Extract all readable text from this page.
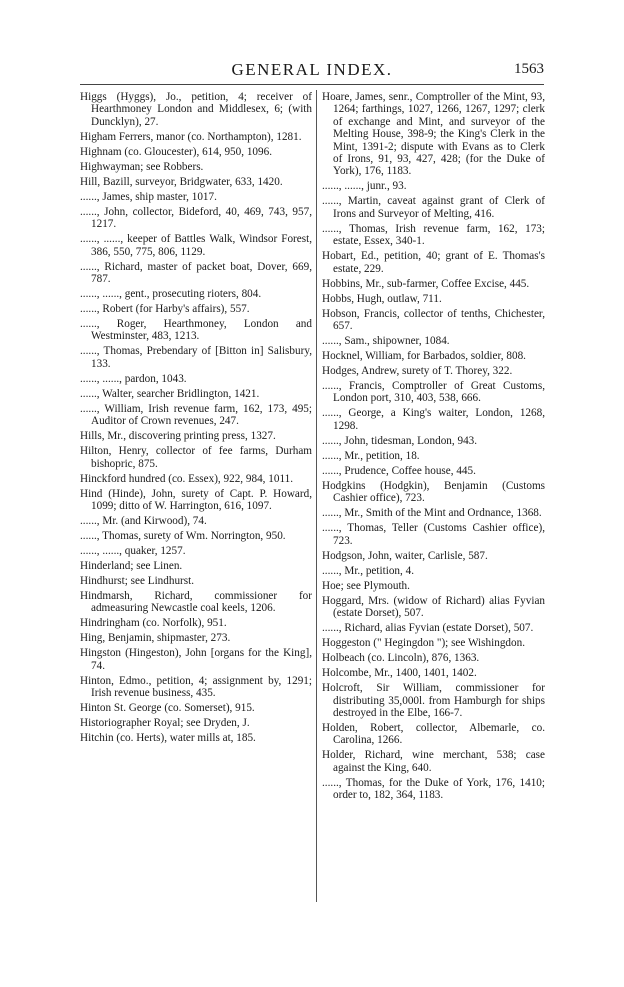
GENERAL INDEX.	1563
Higgs (Hyggs), Jo., petition, 4; receiver of Hearthmoney London and Middlesex, 6; (with Duncklyn), 27.
Higham Ferrers, manor (co. Northampton), 1281.
Highnam (co. Gloucester), 614, 950, 1096.
Highwayman; see Robbers.
Hill, Bazill, surveyor, Bridgwater, 633, 1420.
......, James, ship master, 1017.
......, John, collector, Bideford, 40, 469, 743, 957, 1217.
......, ......, keeper of Battles Walk, Windsor Forest, 386, 550, 775, 806, 1129.
......, Richard, master of packet boat, Dover, 669, 787.
......, ......, gent., prosecuting rioters, 804.
......, Robert (for Harby's affairs), 557.
......, Roger, Hearthmoney, London and Westminster, 483, 1213.
......, Thomas, Prebendary of [Bitton in] Salisbury, 133.
......, ......, pardon, 1043.
......, Walter, searcher Bridlington, 1421.
......, William, Irish revenue farm, 162, 173, 495; Auditor of Crown revenues, 247.
Hills, Mr., discovering printing press, 1327.
Hilton, Henry, collector of fee farms, Durham bishopric, 875.
Hinckford hundred (co. Essex), 922, 984, 1011.
Hind (Hinde), John, surety of Capt. P. Howard, 1099; ditto of W. Harrington, 616, 1097.
......, Mr. (and Kirwood), 74.
......, Thomas, surety of Wm. Norrington, 950.
......, ......, quaker, 1257.
Hinderland; see Linen.
Hindhurst; see Lindhurst.
Hindmarsh, Richard, commissioner for admeasuring Newcastle coal keels, 1206.
Hindringham (co. Norfolk), 951.
Hing, Benjamin, shipmaster, 273.
Hingston (Hingeston), John [organs for the King], 74.
Hinton, Edmo., petition, 4; assignment by, 1291; Irish revenue business, 435.
Hinton St. George (co. Somerset), 915.
Historiographer Royal; see Dryden, J.
Hitchin (co. Herts), water mills at, 185.
Hoare, James, senr., Comptroller of the Mint, 93, 1264; farthings, 1027, 1266, 1267, 1297; clerk of exchange and Mint, and surveyor of the Melting House, 398-9; the King's Clerk in the Mint, 1391-2; dispute with Evans as to Clerk of Irons, 91, 93, 427, 428; (for the Duke of York), 176, 1183.
......, ......, junr., 93.
......, Martin, caveat against grant of Clerk of Irons and Surveyor of Melting, 416.
......, Thomas, Irish revenue farm, 162, 173; estate, Essex, 340-1.
Hobart, Ed., petition, 40; grant of E. Thomas's estate, 229.
Hobbins, Mr., sub-farmer, Coffee Excise, 445.
Hobbs, Hugh, outlaw, 711.
Hobson, Francis, collector of tenths, Chichester, 657.
......, Sam., shipowner, 1084.
Hocknel, William, for Barbados, soldier, 808.
Hodges, Andrew, surety of T. Thorey, 322.
......, Francis, Comptroller of Great Customs, London port, 310, 403, 538, 666.
......, George, a King's waiter, London, 1268, 1298.
......, John, tidesman, London, 943.
......, Mr., petition, 18.
......, Prudence, Coffee house, 445.
Hodgkins (Hodgkin), Benjamin (Customs Cashier office), 723.
......, Mr., Smith of the Mint and Ordnance, 1368.
......, Thomas, Teller (Customs Cashier office), 723.
Hodgson, John, waiter, Carlisle, 587.
......, Mr., petition, 4.
Hoe; see Plymouth.
Hoggard, Mrs. (widow of Richard) alias Fyvian (estate Dorset), 507.
......, Richard, alias Fyvian (estate Dorset), 507.
Hoggeston (" Hegingdon "); see Wishingdon.
Holbeach (co. Lincoln), 876, 1363.
Holcombe, Mr., 1400, 1401, 1402.
Holcroft, Sir William, commissioner for distributing 35,000l. from Hamburgh for ships destroyed in the Elbe, 166-7.
Holden, Robert, collector, Albemarle, co. Carolina, 1266.
Holder, Richard, wine merchant, 538; case against the King, 640.
......, Thomas, for the Duke of York, 176, 1410; order to, 182, 364, 1183.
